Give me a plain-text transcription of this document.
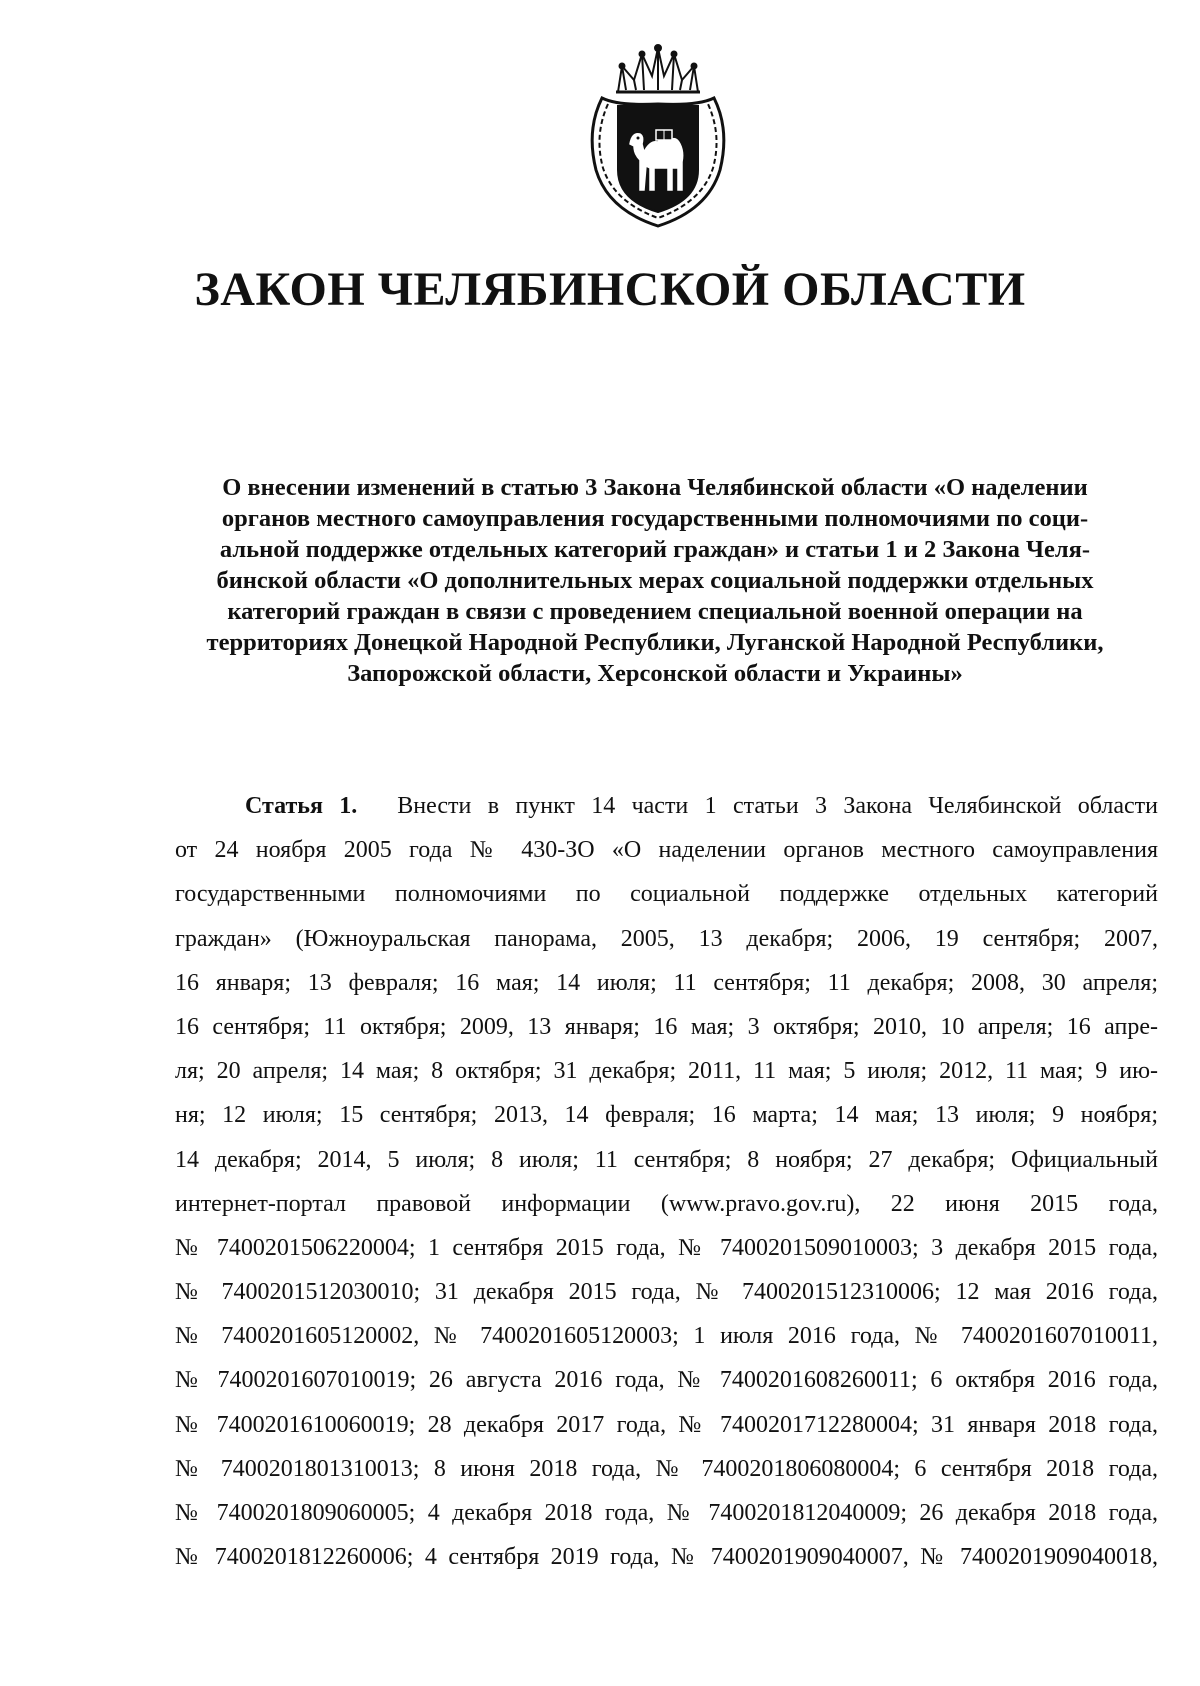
ЗАКОН ЧЕЛЯБИНСКОЙ ОБЛАСТИ

О внесении изменений в статью 3 Закона Челябинской области «О наделении
органов местного самоуправления государственными полномочиями по соци-
альной поддержке отдельных категорий граждан» и статьи 1 и 2 Закона Челя-
бинской области «О дополнительных мерах социальной поддержки отдельных
категорий граждан в связи с проведением специальной военной операции на
территориях Донецкой Народной Республики, Луганской Народной Республики,
Запорожской области, Херсонской области и Украины»

Статья 1. Внести в пункт 14 части 1 статьи 3 Закона Челябинской области
от 24 ноября 2005 года № 430-ЗО «О наделении органов местного самоуправления
государственными полномочиями по социальной поддержке отдельных категорий
граждан» (Южноуральская панорама, 2005, 13 декабря; 2006, 19 сентября; 2007,
16 января; 13 февраля; 16 мая; 14 июля; 11 сентября; 11 декабря; 2008, 30 апреля;
16 сентября; 11 октября; 2009, 13 января; 16 мая; 3 октября; 2010, 10 апреля; 16 апре-
ля; 20 апреля; 14 мая; 8 октября; 31 декабря; 2011, 11 мая; 5 июля; 2012, 11 мая; 9 ию-
ня; 12 июля; 15 сентября; 2013, 14 февраля; 16 марта; 14 мая; 13 июля; 9 ноября;
14 декабря; 2014, 5 июля; 8 июля; 11 сентября; 8 ноября; 27 декабря; Официальный
интернет-портал правовой информации (www.pravo.gov.ru), 22 июня 2015 года,
№ 7400201506220004; 1 сентября 2015 года, № 7400201509010003; 3 декабря 2015 года,
№ 7400201512030010; 31 декабря 2015 года, № 7400201512310006; 12 мая 2016 года,
№ 7400201605120002, № 7400201605120003; 1 июля 2016 года, № 7400201607010011,
№ 7400201607010019; 26 августа 2016 года, № 7400201608260011; 6 октября 2016 года,
№ 7400201610060019; 28 декабря 2017 года, № 7400201712280004; 31 января 2018 года,
№ 7400201801310013; 8 июня 2018 года, № 7400201806080004; 6 сентября 2018 года,
№ 7400201809060005; 4 декабря 2018 года, № 7400201812040009; 26 декабря 2018 года,
№ 7400201812260006; 4 сентября 2019 года, № 7400201909040007, № 7400201909040018,
